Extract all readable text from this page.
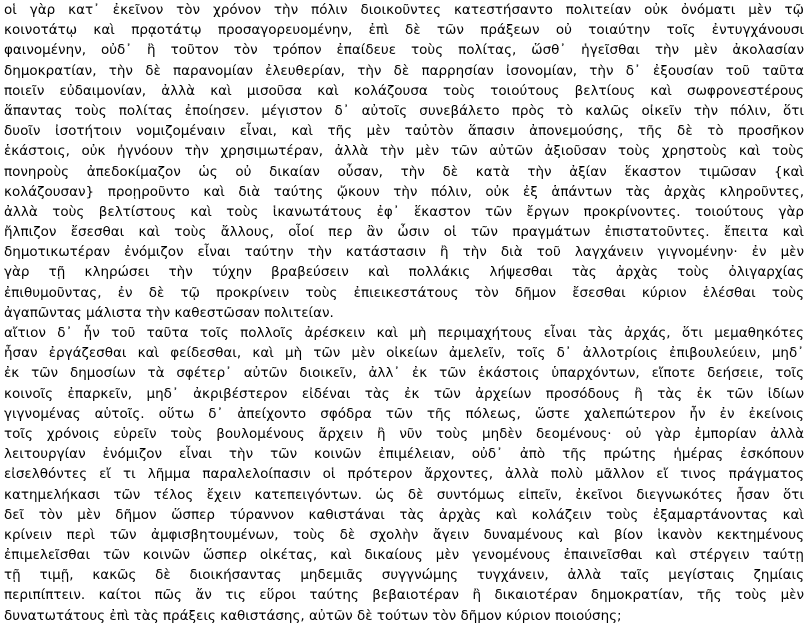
οἱ γὰρ κατ᾽ ἐκεῖνον τὸν χρόνον τὴν πόλιν διοικοῦντες κατεστήσαντο πολιτείαν οὐκ ὀνόματι μὲν τῷ
κοινοτάτῳ καὶ πρᾳοτάτῳ προσαγορευομένην, ἐπὶ δὲ τῶν πράξεων οὐ τοιαύτην τοῖς ἐντυγχάνουσι
φαινομένην, οὐδ᾽ ἣ τοῦτον τὸν τρόπον ἐπαίδευε τοὺς πολίτας, ὥσθ᾽ ἡγεῖσθαι τὴν μὲν ἀκολασίαν
δημοκρατίαν, τὴν δὲ παρανομίαν ἐλευθερίαν, τὴν δὲ παρρησίαν ἰσονομίαν, τὴν δ᾽ ἐξουσίαν τοῦ ταῦτα
ποιεῖν εὐδαιμονίαν, ἀλλὰ καὶ μισοῦσα καὶ κολάζουσα τοὺς τοιούτους βελτίους καὶ σωφρονεστέρους
ἅπαντας τοὺς πολίτας ἐποίησεν. μέγιστον δ᾽ αὐτοῖς συνεβάλετο πρὸς τὸ καλῶς οἰκεῖν τὴν πόλιν, ὅτι
δυοῖν ἰσοτήτοιν νομιζομέναιν εἶναι, καὶ τῆς μὲν ταὐτὸν ἅπασιν ἀπονεμούσης, τῆς δὲ τὸ προσῆκον
ἑκάστοις, οὐκ ἠγνόουν τὴν χρησιμωτέραν, ἀλλὰ τὴν μὲν τῶν αὐτῶν ἀξιοῦσαν τοὺς χρηστοὺς καὶ τοὺς
πονηροὺς ἀπεδοκίμαζον ὡς οὐ δικαίαν οὖσαν, τὴν δὲ κατὰ τὴν ἀξίαν ἕκαστον τιμῶσαν {καὶ
κολάζουσαν} προῃροῦντο καὶ διὰ ταύτης ᾤκουν τὴν πόλιν, οὐκ ἐξ ἁπάντων τὰς ἀρχὰς κληροῦντες,
ἀλλὰ τοὺς βελτίστους καὶ τοὺς ἱκανωτάτους ἐφ᾽ ἕκαστον τῶν ἔργων προκρίνοντες. τοιούτους γὰρ
ἤλπιζον ἔσεσθαι καὶ τοὺς ἄλλους, οἷοί περ ἂν ὦσιν οἱ τῶν πραγμάτων ἐπιστατοῦντες. ἔπειτα καὶ
δημοτικωτέραν ἐνόμιζον εἶναι ταύτην τὴν κατάστασιν ἢ τὴν διὰ τοῦ λαγχάνειν γιγνομένην· ἐν μὲν
γὰρ τῇ κληρώσει τὴν τύχην βραβεύσειν καὶ πολλάκις λήψεσθαι τὰς ἀρχὰς τοὺς ὀλιγαρχίας
ἐπιθυμοῦντας, ἐν δὲ τῷ προκρίνειν τοὺς ἐπιεικεστάτους τὸν δῆμον ἔσεσθαι κύριον ἑλέσθαι τοὺς
ἀγαπῶντας μάλιστα τὴν καθεστῶσαν πολιτείαν.
αἴτιον δ᾽ ἦν τοῦ ταῦτα τοῖς πολλοῖς ἀρέσκειν καὶ μὴ περιμαχήτους εἶναι τὰς ἀρχάς, ὅτι μεμαθηκότες
ἦσαν ἐργάζεσθαι καὶ φείδεσθαι, καὶ μὴ τῶν μὲν οἰκείων ἀμελεῖν, τοῖς δ᾽ ἀλλοτρίοις ἐπιβουλεύειν, μηδ᾽
ἐκ τῶν δημοσίων τὰ σφέτερ᾽ αὐτῶν διοικεῖν, ἀλλ᾽ ἐκ τῶν ἑκάστοις ὑπαρχόντων, εἴποτε δεήσειε, τοῖς
κοινοῖς ἐπαρκεῖν, μηδ᾽ ἀκριβέστερον εἰδέναι τὰς ἐκ τῶν ἀρχείων προσόδους ἢ τὰς ἐκ τῶν ἰδίων
γιγνομένας αὑτοῖς. οὕτω δ᾽ ἀπείχοντο σφόδρα τῶν τῆς πόλεως, ὥστε χαλεπώτερον ἦν ἐν ἐκείνοις
τοῖς χρόνοις εὑρεῖν τοὺς βουλομένους ἄρχειν ἢ νῦν τοὺς μηδὲν δεομένους· οὐ γὰρ ἐμπορίαν ἀλλὰ
λειτουργίαν ἐνόμιζον εἶναι τὴν τῶν κοινῶν ἐπιμέλειαν, οὐδ᾽ ἀπὸ τῆς πρώτης ἡμέρας ἐσκόπουν
εἰσελθόντες εἴ τι λῆμμα παραλελοίπασιν οἱ πρότερον ἄρχοντες, ἀλλὰ πολὺ μᾶλλον εἴ τινος πράγματος
κατημελήκασι τῶν τέλος ἔχειν κατεπειγόντων. ὡς δὲ συντόμως εἰπεῖν, ἐκεῖνοι διεγνωκότες ἦσαν ὅτι
δεῖ τὸν μὲν δῆμον ὥσπερ τύραννον καθιστάναι τὰς ἀρχὰς καὶ κολάζειν τοὺς ἐξαμαρτάνοντας καὶ
κρίνειν περὶ τῶν ἀμφισβητουμένων, τοὺς δὲ σχολὴν ἄγειν δυναμένους καὶ βίον ἱκανὸν κεκτημένους
ἐπιμελεῖσθαι τῶν κοινῶν ὥσπερ οἰκέτας, καὶ δικαίους μὲν γενομένους ἐπαινεῖσθαι καὶ στέργειν ταύτῃ
τῇ τιμῇ, κακῶς δὲ διοικήσαντας μηδεμιᾶς συγγνώμης τυγχάνειν, ἀλλὰ ταῖς μεγίσταις ζημίαις
περιπίπτειν. καίτοι πῶς ἄν τις εὕροι ταύτης βεβαιοτέραν ἢ δικαιοτέραν δημοκρατίαν, τῆς τοὺς μὲν
δυνατωτάτους ἐπὶ τὰς πράξεις καθιστάσης, αὐτῶν δὲ τούτων τὸν δῆμον κύριον ποιούσης;
